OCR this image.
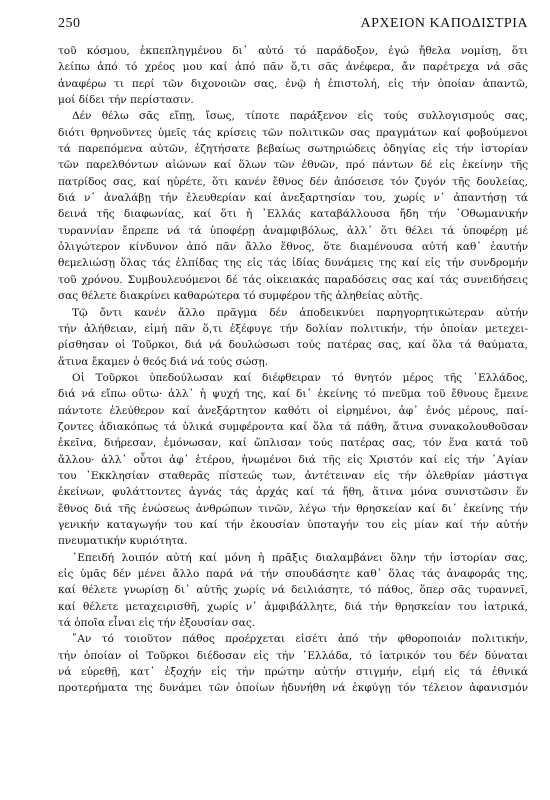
250	ΑΡΧΕΙΟΝ ΚΑΠΟΔΙΣΤΡΙΑ
τοῦ κόσμου, ἐκπεπληγμένου δι᾽ αὐτό τό παράδοξον, ἐγώ ἤθελα νομίσῃ, ὅτι
λείπω ἀπό τό χρέος μου καί ἀπό πᾶν ὅ,τι σᾶς ἀνέφερα, ἄν παρέτρεχα νά σᾶς
ἀναφέρω τι περί τῶν διχονοιῶν σας, ἐνῷ ἡ ἐπιστολή, εἰς τήν ὁποίαν ἀπαντῶ,
μοί δίδει τήν περίστασιν.
Δέν θέλω σᾶς εἴπῃ, ἴσως, τίποτε παράξενον εἰς τούς συλλογισμούς σας,
διότι θρηνοῦντες ὑμεῖς τάς κρίσεις τῶν πολιτικῶν σας πραγμάτων καί φοβούμενοι
τά παρεπόμενα αὐτῶν, ἐζητήσατε βεβαίως σωτηριώδεις ὁδηγίας εἰς τήν ἱστορίαν
τῶν παρελθόντων αἰώνων καί ὅλων τῶν ἐθνῶν, πρό πάντων δέ εἰς ἐκείνην τῆς
πατρίδος σας, καί ηὑρέτε, ὅτι κανέν ἔθνος δέν ἀπόσεισε τόν ζυγόν τῆς δουλείας,
διά ν᾽ ἀναλάβῃ τήν ἐλευθερίαν καί ἀνεξαρτησίαν του, χωρίς ν᾽ ἀπαντήσῃ τά
δεινά τῆς διαφωνίας, καί ὅτι ἡ ῾Ελλάς καταβάλλουσα ἤδη τήν ᾽Οθωμανικήν
τυραννίαν ἔπρεπε νά τά ὑποφέρῃ ἀναμφιβόλως, ἀλλ᾽ ὅτι θέλει τά ὑποφέρῃ μέ
ὀλιγώτερον κίνδυνον ἀπό πᾶν ἄλλο ἔθνος, ὅτε διαμένουσα αὐτή καθ᾽ ἑαυτήν
θεμελιώσῃ ὅλας τάς ἐλπίδας της εἰς τάς ἰδίας δυνάμεις της καί εἰς τήν συνδρομήν
τοῦ χρόνου. Συμβουλευόμενοι δέ τάς οἰκειακάς παραδόσεις σας καί τάς συνειδήσεις
σας θέλετε διακρίνει καθαρώτερα τό συμφέρον τῆς ἀληθείας αὐτῆς.
Τῷ ὄντι κανέν ἄλλο πρᾶγμα δέν ἀποδεικνύει παρηγορητικώτεραν αὐτήν
τήν ἀλήθειαν, εἰμή πᾶν ὅ,τι ἐξέφυγε τήν δολίαν πολιτικήν, τήν ὁποίαν μετεχει-
ρίσθησαν οἱ Τοῦρκοι, διά νά δουλώσωσι τούς πατέρας σας, καί ὅλα τά θαύματα,
ἅτινα ἔκαμεν ὁ θεός διά νά τούς σώσῃ.
Οἱ Τοῦρκοι ὑπεδούλωσαν καί διέφθειραν τό θνητόν μέρος τῆς ῾Ελλάδος,
διά νά εἴπω οὕτω· ἀλλ᾽ ἡ ψυχή της, καί δι᾽ ἐκείνης τό πνεῦμα τοῦ ἔθνους ἔμεινε
πάντοτε ἐλεύθερον καί ἀνεξάρτητον καθότι οἱ εἰρημένοι, ἀφ᾽ ἑνός μέρους, παί-
ζοντες ἀδιακόπως τά ὑλικά συμφέροντα καί ὅλα τά πάθη, ἅτινα συνακολουθοῦσαν
ἐκεῖνα, διήρεσαν, ἐμόνωσαν, καί ὥπλισαν τούς πατέρας σας, τόν ἕνα κατά τοῦ
ἄλλου· ἀλλ᾽ οὗτοι ἀφ᾽ ἑτέρου, ἡνωμένοι διά τῆς εἰς Χριστόν καί εἰς τήν ᾽Αγίαν
του ᾽Εκκλησίαν σταθερᾶς πίστεώς των, ἀντέτειναν εἰς τήν ὀλεθρίαν μάστιγα
ἐκείνων, φυλάττοντες ἁγνάς τάς ἀρχάς καί τά ἤθη, ἅτινα μόνα συνιστῶσιν ἕν
ἔθνος διά τῆς ἑνώσεως ἀνθρώπων τινῶν, λέγω τήν θρησκείαν καί δι᾽ ἐκείνης τήν
γενικήν καταγωγήν του καί τήν ἐκουσίαν ὑποταγήν του εἰς μίαν καί τήν αὐτήν
πνευματικήν κυριότητα.
᾽Επειδή λοιπόν αὐτή καί μόνη ἡ πρᾶξις διαλαμβάνει ὅλην τήν ἱστορίαν σας,
εἰς ὑμᾶς δέν μένει ἄλλο παρά νά τήν σπουδάσητε καθ᾽ ὅλας τάς ἀναφοράς της,
καί θέλετε γνωρίσῃ δι᾽ αὐτῆς χωρίς νά δειλιάσητε, τό πάθος, ὅπερ σᾶς τυραννεῖ,
καί θέλετε μεταχειρισθῆ, χωρίς ν᾽ ἀμφιβάλλητε, διά τήν θρησκείαν του ἰατρικά,
τά ὁποῖα εἶναι εἰς τήν ἐξουσίαν σας.
῎Αν τό τοιοῦτον πάθος προέρχεται εἰσέτι ἀπό τήν φθοροποιάν πολιτικήν,
τήν ὁποίαν οἱ Τοῦρκοι διέδοσαν εἰς τήν ῾Ελλάδα, τό ἰατρικόν του δέν δύναται
νά εὑρεθῇ, κατ᾽ ἐξοχήν εἰς τήν πρώτην αὐτήν στιγμήν, εἰμή εἰς τά ἐθνικά
προτερήματα της δυνάμει τῶν ὁποίων ἠδυνήθη νά ἐκφύγῃ τόν τέλειον ἀφανισμόν
